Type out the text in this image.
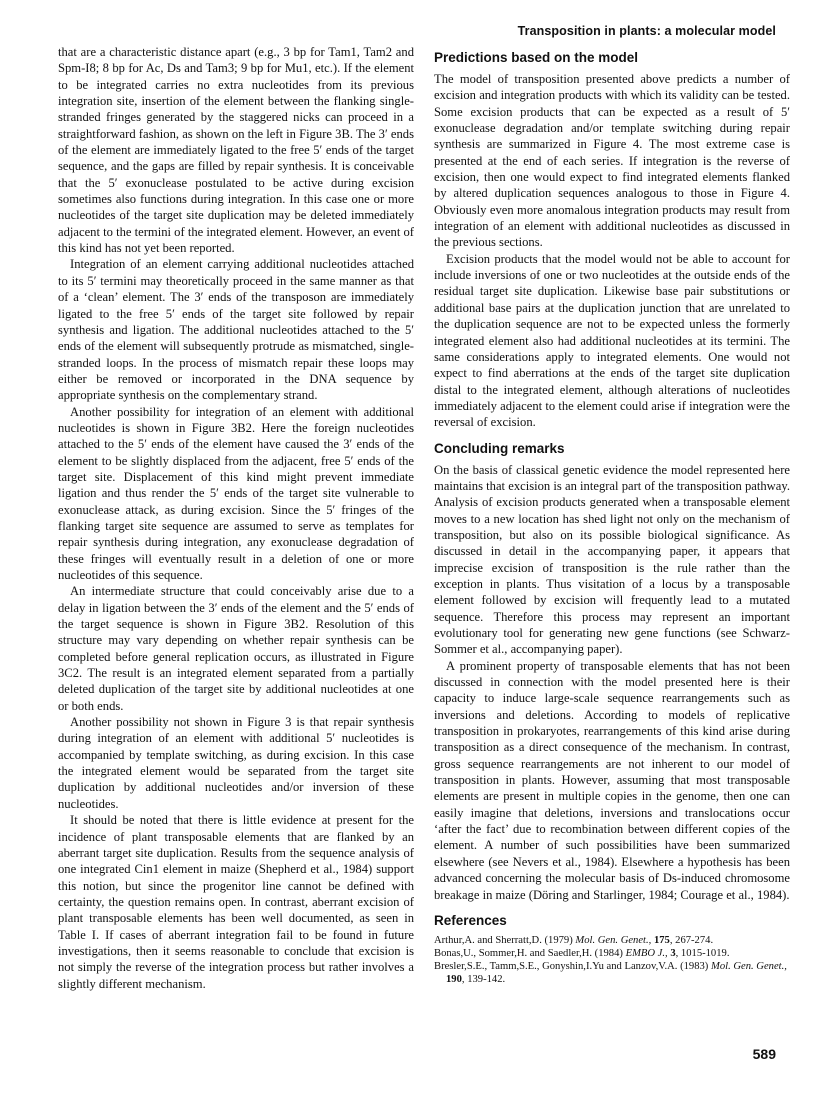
Transposition in plants: a molecular model

that are a characteristic distance apart (e.g., 3 bp for Tam1, Tam2 and Spm-I8; 8 bp for Ac, Ds and Tam3; 9 bp for Mu1, etc.). If the element to be integrated carries no extra nucleotides from its previous integration site, insertion of the element between the flanking single-stranded fringes generated by the staggered nicks can proceed in a straightforward fashion, as shown on the left in Figure 3B. The 3′ ends of the element are immediately ligated to the free 5′ ends of the target sequence, and the gaps are filled by repair synthesis. It is conceivable that the 5′ exonuclease postulated to be active during excision sometimes also functions during integration. In this case one or more nucleotides of the target site duplication may be deleted immediately adjacent to the termini of the integrated element. However, an event of this kind has not yet been reported.

Integration of an element carrying additional nucleotides attached to its 5′ termini may theoretically proceed in the same manner as that of a ‘clean’ element. The 3′ ends of the transposon are immediately ligated to the free 5′ ends of the target site followed by repair synthesis and ligation. The additional nucleotides attached to the 5′ ends of the element will subsequently protrude as mismatched, single-stranded loops. In the process of mismatch repair these loops may either be removed or incorporated in the DNA sequence by appropriate synthesis on the complementary strand.

Another possibility for integration of an element with additional nucleotides is shown in Figure 3B2. Here the foreign nucleotides attached to the 5′ ends of the element have caused the 3′ ends of the element to be slightly displaced from the adjacent, free 5′ ends of the target site. Displacement of this kind might prevent immediate ligation and thus render the 5′ ends of the target site vulnerable to exonuclease attack, as during excision. Since the 5′ fringes of the flanking target site sequence are assumed to serve as templates for repair synthesis during integration, any exonuclease degradation of these fringes will eventually result in a deletion of one or more nucleotides of this sequence.

An intermediate structure that could conceivably arise due to a delay in ligation between the 3′ ends of the element and the 5′ ends of the target sequence is shown in Figure 3B2. Resolution of this structure may vary depending on whether repair synthesis can be completed before general replication occurs, as illustrated in Figure 3C2. The result is an integrated element separated from a partially deleted duplication of the target site by additional nucleotides at one or both ends.

Another possibility not shown in Figure 3 is that repair synthesis during integration of an element with additional 5′ nucleotides is accompanied by template switching, as during excision. In this case the integrated element would be separated from the target site duplication by additional nucleotides and/or inversion of these nucleotides.

It should be noted that there is little evidence at present for the incidence of plant transposable elements that are flanked by an aberrant target site duplication. Results from the sequence analysis of one integrated Cin1 element in maize (Shepherd et al., 1984) support this notion, but since the progenitor line cannot be defined with certainty, the question remains open. In contrast, aberrant excision of plant transposable elements has been well documented, as seen in Table I. If cases of aberrant integration fail to be found in future investigations, then it seems reasonable to conclude that excision is not simply the reverse of the integration process but rather involves a slightly different mechanism.

Predictions based on the model

The model of transposition presented above predicts a number of excision and integration products with which its validity can be tested. Some excision products that can be expected as a result of 5′ exonuclease degradation and/or template switching during repair synthesis are summarized in Figure 4. The most extreme case is presented at the end of each series. If integration is the reverse of excision, then one would expect to find integrated elements flanked by altered duplication sequences analogous to those in Figure 4. Obviously even more anomalous integration products may result from integration of an element with additional nucleotides as discussed in the previous sections.

Excision products that the model would not be able to account for include inversions of one or two nucleotides at the outside ends of the residual target site duplication. Likewise base pair substitutions or additional base pairs at the duplication junction that are unrelated to the duplication sequence are not to be expected unless the formerly integrated element also had additional nucleotides at its termini. The same considerations apply to integrated elements. One would not expect to find aberrations at the ends of the target site duplication distal to the integrated element, although alterations of nucleotides immediately adjacent to the element could arise if integration were the reversal of excision.

Concluding remarks

On the basis of classical genetic evidence the model represented here maintains that excision is an integral part of the transposition pathway. Analysis of excision products generated when a transposable element moves to a new location has shed light not only on the mechanism of transposition, but also on its possible biological significance. As discussed in detail in the accompanying paper, it appears that imprecise excision of transposition is the rule rather than the exception in plants. Thus visitation of a locus by a transposable element followed by excision will frequently lead to a mutated sequence. Therefore this process may represent an important evolutionary tool for generating new gene functions (see Schwarz-Sommer et al., accompanying paper).

A prominent property of transposable elements that has not been discussed in connection with the model presented here is their capacity to induce large-scale sequence rearrangements such as inversions and deletions. According to models of replicative transposition in prokaryotes, rearrangements of this kind arise during transposition as a direct consequence of the mechanism. In contrast, gross sequence rearrangements are not inherent to our model of transposition in plants. However, assuming that most transposable elements are present in multiple copies in the genome, then one can easily imagine that deletions, inversions and translocations occur ‘after the fact’ due to recombination between different copies of the element. A number of such possibilities have been summarized elsewhere (see Nevers et al., 1984). Elsewhere a hypothesis has been advanced concerning the molecular basis of Ds-induced chromosome breakage in maize (Döring and Starlinger, 1984; Courage et al., 1984).

References

Arthur,A. and Sherratt,D. (1979) Mol. Gen. Genet., 175, 267-274.

Bonas,U., Sommer,H. and Saedler,H. (1984) EMBO J., 3, 1015-1019.

Bresler,S.E., Tamm,S.E., Gonyshin,I.Yu and Lanzov,V.A. (1983) Mol. Gen. Genet., 190, 139-142.

589
